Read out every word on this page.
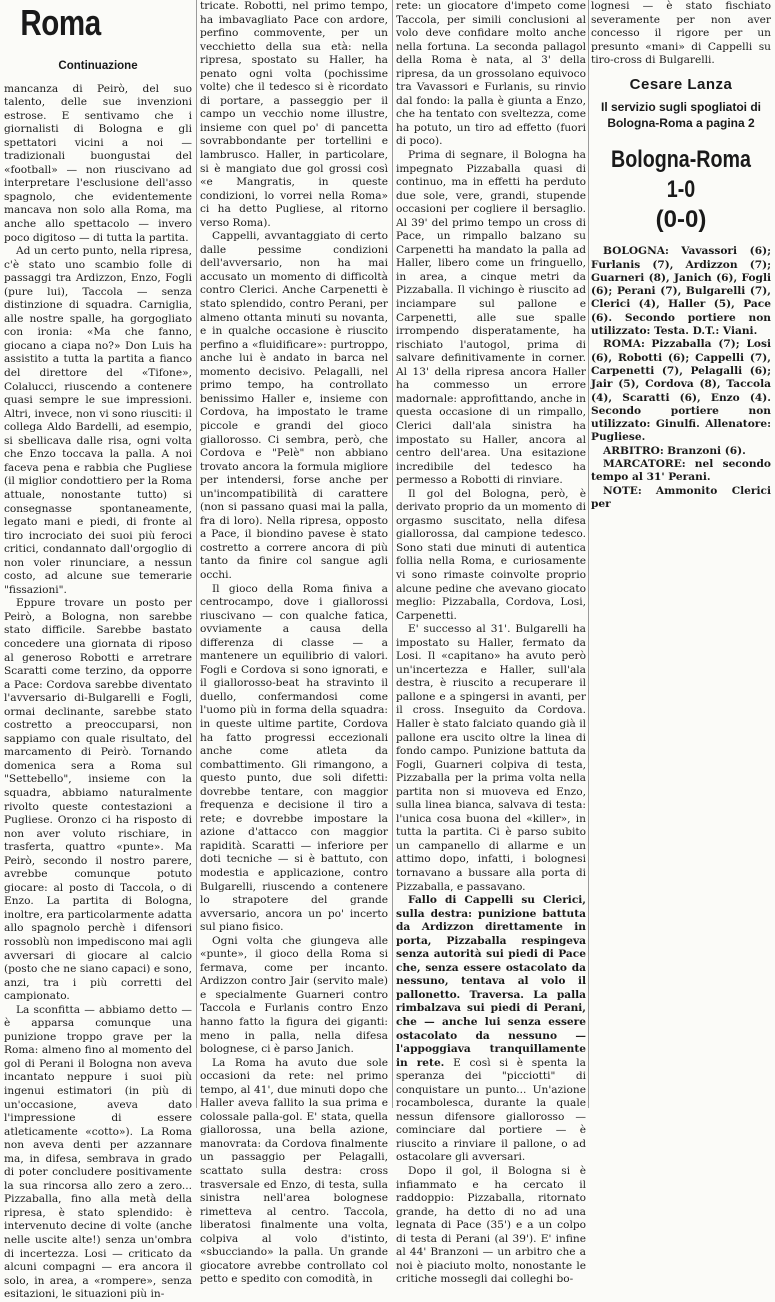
Roma
Continuazione

mancanza di Peirò, del suo talento, delle sue invenzioni estrose. E sentivamo che i giornalisti di Bologna e gli spettatori vicini a noi — tradizionali buongustai del «football» — non riuscivano ad interpretare l'esclusione dell'asso spagnolo, che evidentemente mancava non solo alla Roma, ma anche allo spettacolo — invero poco digitoso — di tutta la partita.

Ad un certo punto, nella ripresa, c'è stato uno scambio folle di passaggi tra Ardizzon, Enzo, Fogli (pure lui), Taccola — senza distinzione di squadra. Carniglia, alle nostre spalle, ha gorgogliato con ironia: «Ma che fanno, giocano a ciapa no?» Don Luis ha assistito a tutta la partita a fianco del direttore del «Tifone», Colalucci, riuscendo a contenere quasi sempre le sue impressioni. Altri, invece, non vi sono riusciti: il collega Aldo Bardelli, ad esempio, si sbellicava dalle risa, ogni volta che Enzo toccava la palla. A noi faceva pena e rabbia che Pugliese (il miglior condottiero per la Roma attuale, nonostante tutto) si consegnasse spontaneamente, legato mani e piedi, di fronte al tiro incrociato dei suoi più feroci critici, condannato dall'orgoglio di non voler rinunciare, a nessun costo, ad alcune sue temerarie "fissazioni".

Eppure trovare un posto per Peirò, a Bologna, non sarebbe stato difficile. Sarebbe bastato concedere una giornata di riposo al generoso Robotti e arretrare Scaratti come terzino, da opporre a Pace: Cordova sarebbe diventato l'avversario di-Bulgarelli e Fogli, ormai declinante, sarebbe stato costretto a preoccuparsi, non sappiamo con quale risultato, del marcamento di Peirò. Tornando domenica sera a Roma sul "Settebello", insieme con la squadra, abbiamo naturalmente rivolto queste contestazioni a Pugliese. Oronzo ci ha risposto di non aver voluto rischiare, in trasferta, quattro «punte». Ma Peirò, secondo il nostro parere, avrebbe comunque potuto giocare: al posto di Taccola, o di Enzo. La partita di Bologna, inoltre, era particolarmente adatta allo spagnolo perchè i difensori rossoblù non impediscono mai agli avversari di giocare al calcio (posto che ne siano capaci) e sono, anzi, tra i più corretti del campionato.

La sconfitta — abbiamo detto — è apparsa comunque una punizione troppo grave per la Roma: almeno fino al momento del gol di Perani il Bologna non aveva incantato neppure i suoi più ingenui estimatori (in più di un'occasione, aveva dato l'impressione di essere atleticamente «cotto»). La Roma non aveva denti per azzannare ma, in difesa, sembrava in grado di poter concludere positivamente la sua rincorsa allo zero a zero... Pizzaballa, fino alla metà della ripresa, è stato splendido: è intervenuto decine di volte (anche nelle uscite alte!) senza un'ombra di incertezza. Losi — criticato da alcuni compagni — era ancora il solo, in area, a «rompere», senza esitazioni, le situazioni più in-

tricate. Robotti, nel primo tempo, ha imbavagliato Pace con ardore, perfino commovente, per un vecchietto della sua età: nella ripresa, spostato su Haller, ha penato ogni volta (pochissime volte) che il tedesco si è ricordato di portare, a passeggio per il campo un vecchio nome illustre, insieme con quel po' di pancetta sovrabbondante per tortellini e lambrusco. Haller, in particolare, si è mangiato due gol grossi così «e Mangratis, in queste condizioni, lo vorrei nella Roma» ci ha detto Pugliese, al ritorno verso Roma).

Cappelli, avvantaggiato di certo dalle pessime condizioni dell'avversario, non ha mai accusato un momento di difficoltà contro Clerici. Anche Carpenetti è stato splendido, contro Perani, per almeno ottanta minuti su novanta, e in qualche occasione è riuscito perfino a «fluidificare»: purtroppo, anche lui è andato in barca nel momento decisivo. Pelagalli, nel primo tempo, ha controllato benissimo Haller e, insieme con Cordova, ha impostato le trame piccole e grandi del gioco giallorosso. Ci sembra, però, che Cordova e "Pelè" non abbiano trovato ancora la formula migliore per intendersi, forse anche per un'incompatibilità di carattere (non si passano quasi mai la palla, fra di loro). Nella ripresa, opposto a Pace, il biondino pavese è stato costretto a correre ancora di più tanto da finire col sangue agli occhi.

Il gioco della Roma finiva a centrocampo, dove i giallorossi riuscivano — con qualche fatica, ovviamente a causa della differenza di classe — a mantenere un equilibrio di valori. Fogli e Cordova si sono ignorati, e il giallorosso-beat ha stravinto il duello, confermandosi come l'uomo più in forma della squadra: in queste ultime partite, Cordova ha fatto progressi eccezionali anche come atleta da combattimento. Gli rimangono, a questo punto, due soli difetti: dovrebbe tentare, con maggior frequenza e decisione il tiro a rete; e dovrebbe impostare la azione d'attacco con maggior rapidità. Scaratti — inferiore per doti tecniche — si è battuto, con modestia e applicazione, contro Bulgarelli, riuscendo a contenere lo strapotere del grande avversario, ancora un po' incerto sul piano fisico.

Ogni volta che giungeva alle «punte», il gioco della Roma si fermava, come per incanto. Ardizzon contro Jair (servito male) e specialmente Guarneri contro Taccola e Furlanis contro Enzo hanno fatto la figura dei giganti: meno in palla, nella difesa bolognese, ci è parso Janich.

La Roma ha avuto due sole occasioni da rete: nel primo tempo, al 41', due minuti dopo che Haller aveva fallito la sua prima e colossale palla-gol. E' stata, quella giallorossa, una bella azione, manovrata: da Cordova finalmente un passaggio per Pelagalli, scattato sulla destra: cross trasversale ed Enzo, di testa, sulla sinistra nell'area bolognese rimetteva al centro. Taccola, liberatosi finalmente una volta, colpiva al volo d'istinto, «sbucciando» la palla. Un grande giocatore avrebbe controllato col petto e spedito con comodità, in

rete: un giocatore d'impeto come Taccola, per simili conclusioni al volo deve confidare molto anche nella fortuna. La seconda pallagol della Roma è nata, al 3' della ripresa, da un grossolano equivoco tra Vavassori e Furlanis, su rinvio dal fondo: la palla è giunta a Enzo, che ha tentato con sveltezza, come ha potuto, un tiro ad effetto (fuori di poco).

Prima di segnare, il Bologna ha impegnato Pizzaballa quasi di continuo, ma in effetti ha perduto due sole, vere, grandi, stupende occasioni per cogliere il bersaglio. Al 39' del primo tempo un cross di Pace, un rimpallo balzano su Carpenetti ha mandato la palla ad Haller, libero come un fringuello, in area, a cinque metri da Pizzaballa. Il vichingo è riuscito ad inciampare sul pallone e Carpenetti, alle sue spalle irrompendo disperatamente, ha rischiato l'autogol, prima di salvare definitivamente in corner. Al 13' della ripresa ancora Haller ha commesso un errore madornale: approfittando, anche in questa occasione di un rimpallo, Clerici dall'ala sinistra ha impostato su Haller, ancora al centro dell'area. Una esitazione incredibile del tedesco ha permesso a Robotti di rinviare.

Il gol del Bologna, però, è derivato proprio da un momento di orgasmo suscitato, nella difesa giallorossa, dal campione tedesco. Sono stati due minuti di autentica follia nella Roma, e curiosamente vi sono rimaste coinvolte proprio alcune pedine che avevano giocato meglio: Pizzaballa, Cordova, Losi, Carpenetti.

E' successo al 31'. Bulgarelli ha impostato su Haller, fermato da Losi. Il «capitano» ha avuto però un'incertezza e Haller, sull'ala destra, è riuscito a recuperare il pallone e a spingersi in avanti, per il cross. Inseguito da Cordova. Haller è stato falciato quando già il pallone era uscito oltre la linea di fondo campo. Punizione battuta da Fogli, Guarneri colpiva di testa, Pizzaballa per la prima volta nella partita non si muoveva ed Enzo, sulla linea bianca, salvava di testa: l'unica cosa buona del «killer», in tutta la partita. Ci è parso subito un campanello di allarme e un attimo dopo, infatti, i bolognesi tornavano a bussare alla porta di Pizzaballa, e passavano.

Fallo di Cappelli su Clerici, sulla destra: punizione battuta da Ardizzon direttamente in porta, Pizzaballa respingeva senza autorità sui piedi di Pace che, senza essere ostacolato da nessuno, tentava al volo il pallonetto. Traversa. La palla rimbalzava sui piedi di Perani, che — anche lui senza essere ostacolato da nessuno — l'appoggiava tranquillamente in rete. E così si è spenta la speranza dei "picciotti" di conquistare un punto... Un'azione rocambolesca, durante la quale nessun difensore giallorosso — cominciare dal portiere — è riuscito a rinviare il pallone, o ad ostacolare gli avversari.

Dopo il gol, il Bologna si è infiammato e ha cercato il raddoppio: Pizzaballa, ritornato grande, ha detto di no ad una legnata di Pace (35') e a un colpo di testa di Perani (al 39'). E' infine al 44' Branzoni — un arbitro che a noi è piaciuto molto, nonostante le critiche mossegli dai colleghi bo-

lognesi — è stato fischiato severamente per non aver concesso il rigore per un presunto «mani» di Cappelli su tiro-cross di Bulgarelli.

Cesare Lanza
Il servizio sugli spogliatoi di Bologna-Roma a pagina 2
Bologna-Roma 1-0
(0-0)

BOLOGNA: Vavassori (6); Furlanis (7), Ardizzon (7); Guarneri (8), Janich (6), Fogli (6); Perani (7), Bulgarelli (7), Clerici (4), Haller (5), Pace (6). Secondo portiere non utilizzato: Testa. D.T.: Viani.

ROMA: Pizzaballa (7); Losi (6), Robotti (6); Cappelli (7), Carpenetti (7), Pelagalli (6); Jair (5), Cordova (8), Taccola (4), Scaratti (6), Enzo (4). Secondo portiere non utilizzato: Ginulfi. Allenatore: Pugliese.

ARBITRO: Branzoni (6).

MARCATORE: nel secondo tempo al 31' Perani.

NOTE: Ammonito Clerici per
